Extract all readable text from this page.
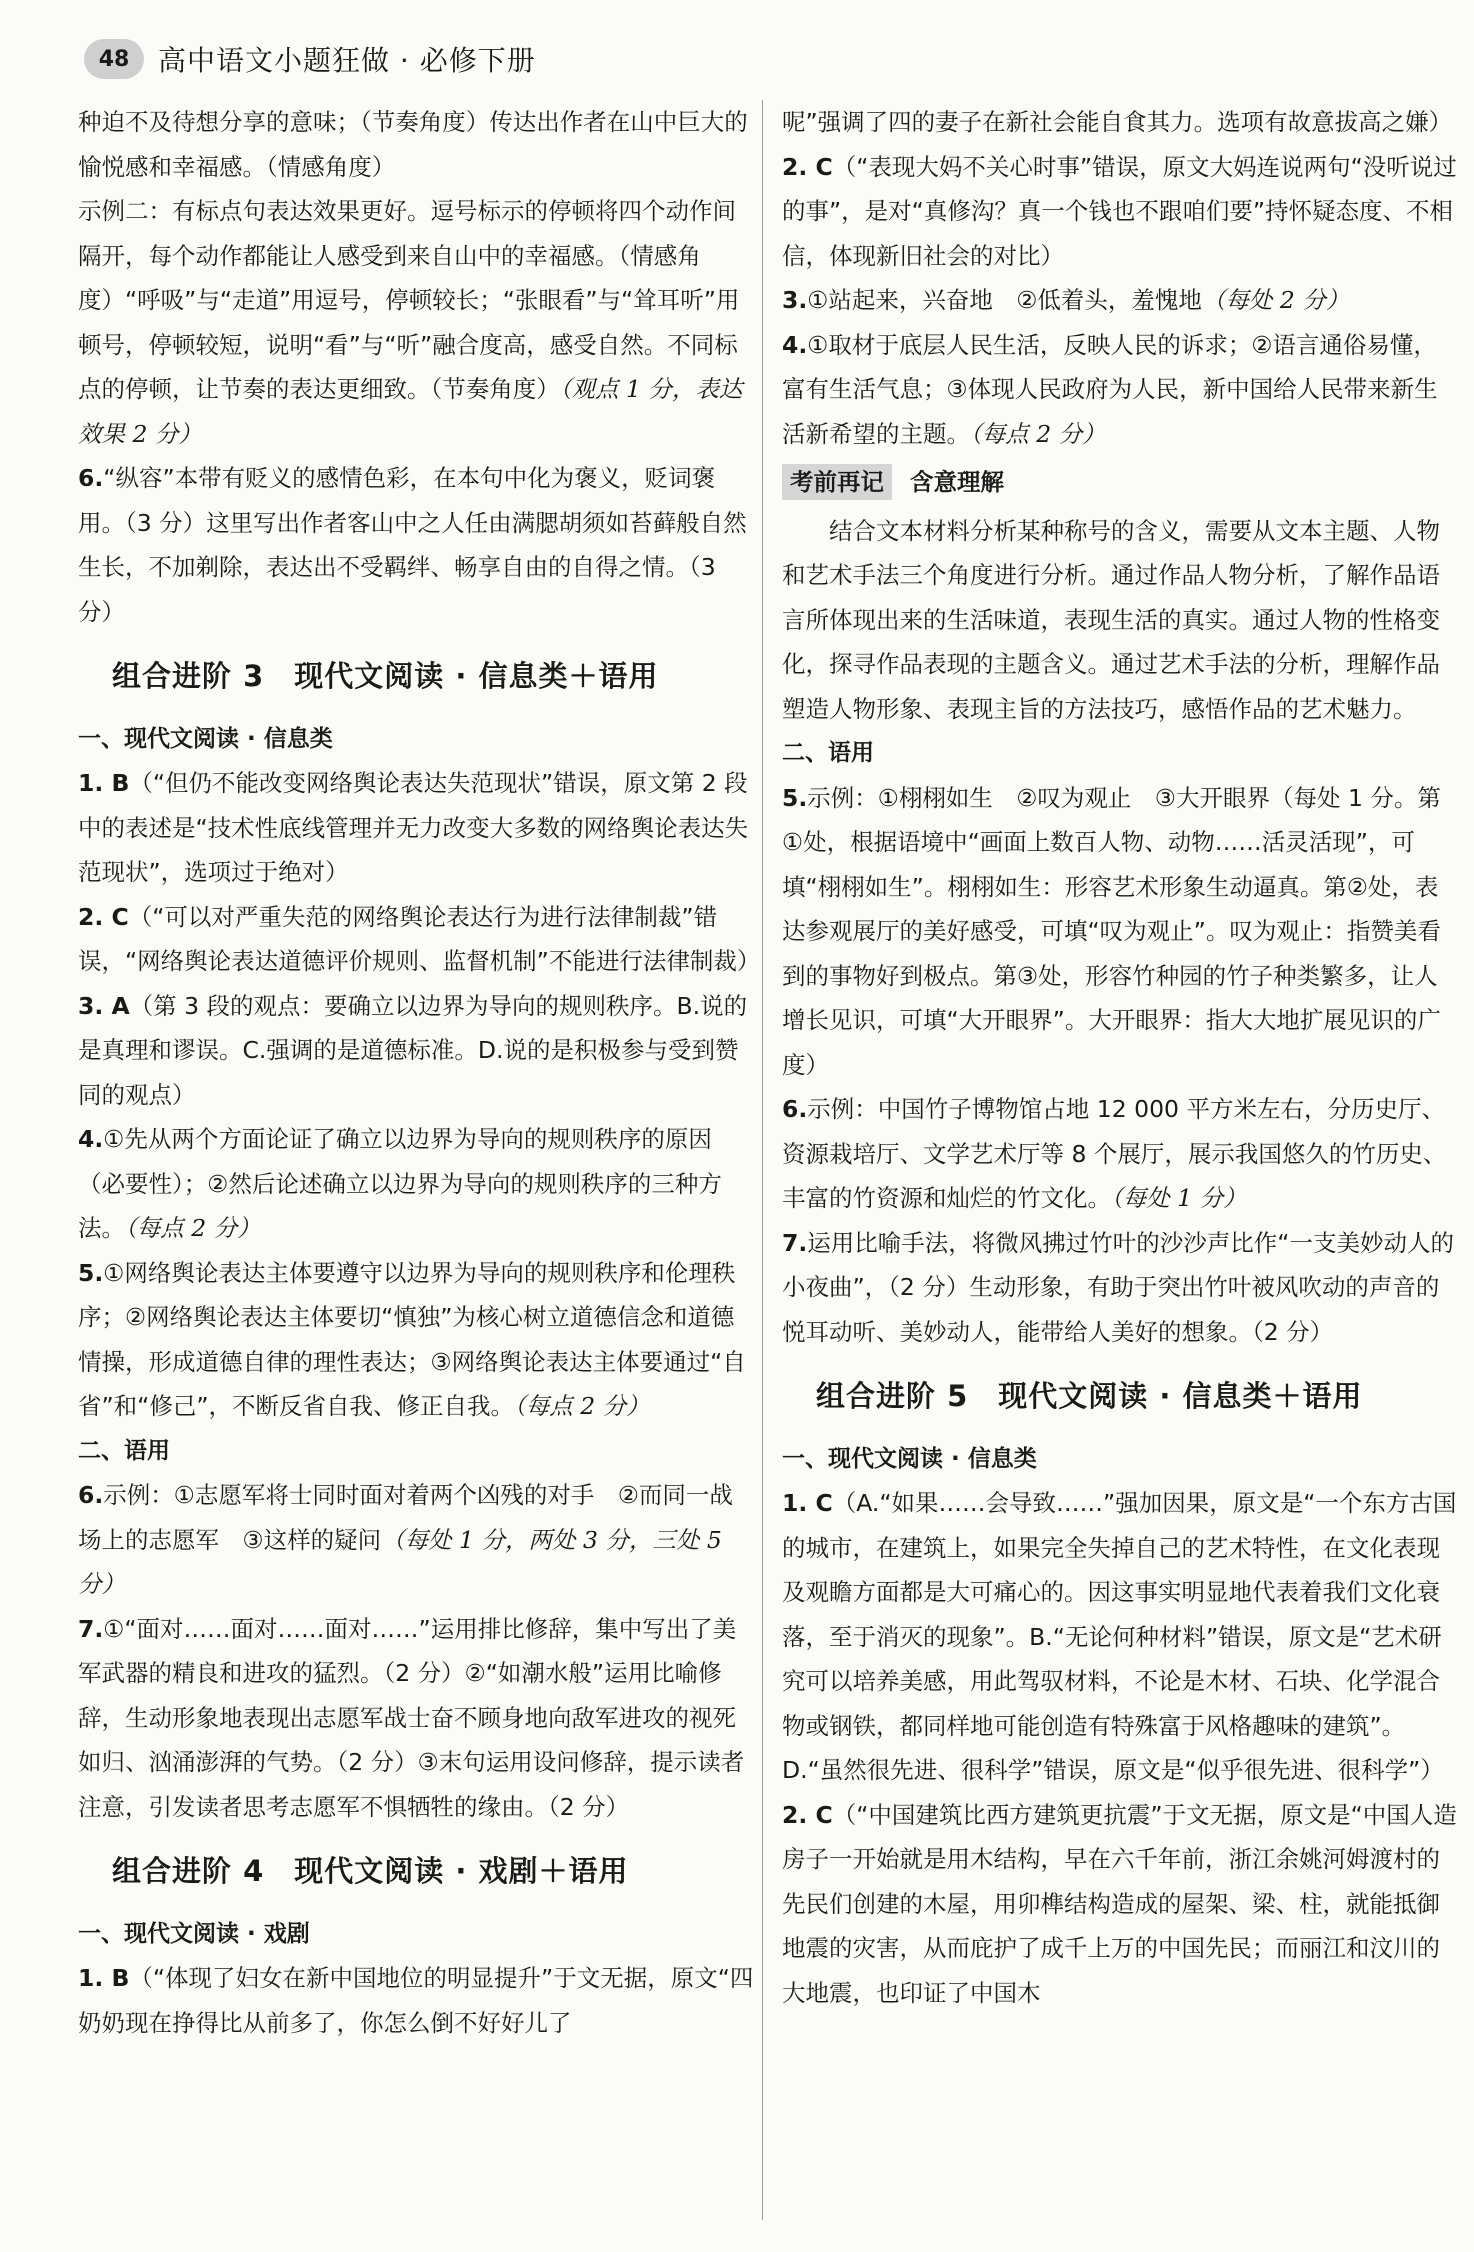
48	高中语文小题狂做 · 必修下册

种迫不及待想分享的意味；（节奏角度）传达出作者在山中巨大的愉悦感和幸福感。（情感角度）

示例二：有标点句表达效果更好。逗号标示的停顿将四个动作间隔开，每个动作都能让人感受到来自山中的幸福感。（情感角度）“呼吸”与“走道”用逗号，停顿较长；“张眼看”与“耸耳听”用顿号，停顿较短，说明“看”与“听”融合度高，感受自然。不同标点的停顿，让节奏的表达更细致。（节奏角度）（观点 1 分，表达效果 2 分）

6.“纵容”本带有贬义的感情色彩，在本句中化为褒义，贬词褒用。（3 分）这里写出作者客山中之人任由满腮胡须如苔藓般自然生长，不加剃除，表达出不受羁绊、畅享自由的自得之情。（3 分）

组合进阶 3　现代文阅读 · 信息类＋语用

一、现代文阅读 · 信息类

1. B（“但仍不能改变网络舆论表达失范现状”错误，原文第 2 段中的表述是“技术性底线管理并无力改变大多数的网络舆论表达失范现状”，选项过于绝对）

2. C（“可以对严重失范的网络舆论表达行为进行法律制裁”错误，“网络舆论表达道德评价规则、监督机制”不能进行法律制裁）

3. A（第 3 段的观点：要确立以边界为导向的规则秩序。B.说的是真理和谬误。C.强调的是道德标准。D.说的是积极参与受到赞同的观点）

4.①先从两个方面论证了确立以边界为导向的规则秩序的原因（必要性）；②然后论述确立以边界为导向的规则秩序的三种方法。（每点 2 分）

5.①网络舆论表达主体要遵守以边界为导向的规则秩序和伦理秩序；②网络舆论表达主体要切“慎独”为核心树立道德信念和道德情操，形成道德自律的理性表达；③网络舆论表达主体要通过“自省”和“修己”，不断反省自我、修正自我。（每点 2 分）

二、语用

6.示例：①志愿军将士同时面对着两个凶残的对手　②而同一战场上的志愿军　③这样的疑问（每处 1 分，两处 3 分，三处 5 分）

7.①“面对……面对……面对……”运用排比修辞，集中写出了美军武器的精良和进攻的猛烈。（2 分）②“如潮水般”运用比喻修辞，生动形象地表现出志愿军战士奋不顾身地向敌军进攻的视死如归、汹涌澎湃的气势。（2 分）③末句运用设问修辞，提示读者注意，引发读者思考志愿军不惧牺牲的缘由。（2 分）

组合进阶 4　现代文阅读 · 戏剧＋语用

一、现代文阅读 · 戏剧

1. B（“体现了妇女在新中国地位的明显提升”于文无据，原文“四奶奶现在挣得比从前多了，你怎么倒不好好儿了

呢”强调了四的妻子在新社会能自食其力。选项有故意拔高之嫌）

2. C（“表现大妈不关心时事”错误，原文大妈连说两句“没听说过的事”，是对“真修沟？真一个钱也不跟咱们要”持怀疑态度、不相信，体现新旧社会的对比）

3.①站起来，兴奋地　②低着头，羞愧地（每处 2 分）

4.①取材于底层人民生活，反映人民的诉求；②语言通俗易懂，富有生活气息；③体现人民政府为人民，新中国给人民带来新生活新希望的主题。（每点 2 分）

考前再记	含意理解

结合文本材料分析某种称号的含义，需要从文本主题、人物和艺术手法三个角度进行分析。通过作品人物分析，了解作品语言所体现出来的生活味道，表现生活的真实。通过人物的性格变化，探寻作品表现的主题含义。通过艺术手法的分析，理解作品塑造人物形象、表现主旨的方法技巧，感悟作品的艺术魅力。

二、语用

5.示例：①栩栩如生　②叹为观止　③大开眼界（每处 1 分。第①处，根据语境中“画面上数百人物、动物……活灵活现”，可填“栩栩如生”。栩栩如生：形容艺术形象生动逼真。第②处，表达参观展厅的美好感受，可填“叹为观止”。叹为观止：指赞美看到的事物好到极点。第③处，形容竹种园的竹子种类繁多，让人增长见识，可填“大开眼界”。大开眼界：指大大地扩展见识的广度）

6.示例：中国竹子博物馆占地 12 000 平方米左右，分历史厅、资源栽培厅、文学艺术厅等 8 个展厅，展示我国悠久的竹历史、丰富的竹资源和灿烂的竹文化。（每处 1 分）

7.运用比喻手法，将微风拂过竹叶的沙沙声比作“一支美妙动人的小夜曲”，（2 分）生动形象，有助于突出竹叶被风吹动的声音的悦耳动听、美妙动人，能带给人美好的想象。（2 分）

组合进阶 5　现代文阅读 · 信息类＋语用

一、现代文阅读 · 信息类

1. C（A.“如果……会导致……”强加因果，原文是“一个东方古国的城市，在建筑上，如果完全失掉自己的艺术特性，在文化表现及观瞻方面都是大可痛心的。因这事实明显地代表着我们文化衰落，至于消灭的现象”。B.“无论何种材料”错误，原文是“艺术研究可以培养美感，用此驾驭材料，不论是木材、石块、化学混合物或钢铁，都同样地可能创造有特殊富于风格趣味的建筑”。D.“虽然很先进、很科学”错误，原文是“似乎很先进、很科学”）

2. C（“中国建筑比西方建筑更抗震”于文无据，原文是“中国人造房子一开始就是用木结构，早在六千年前，浙江余姚河姆渡村的先民们创建的木屋，用卯榫结构造成的屋架、梁、柱，就能抵御地震的灾害，从而庇护了成千上万的中国先民；而丽江和汶川的大地震，也印证了中国木
